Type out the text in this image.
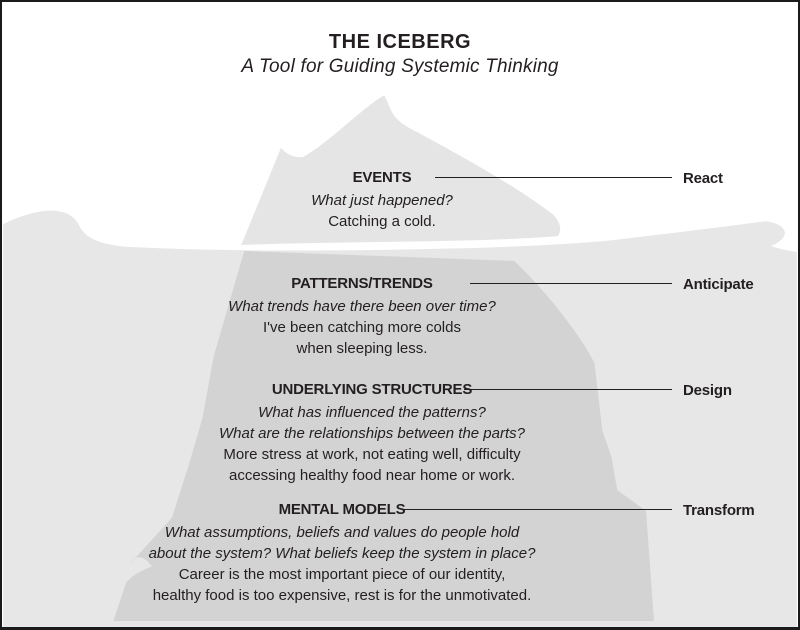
THE ICEBERG
A Tool for Guiding Systemic Thinking
EVENTS
What just happened?
Catching a cold.
React
PATTERNS/TRENDS
What trends have there been over time?
I've been catching more colds
when sleeping less.
Anticipate
UNDERLYING STRUCTURES
What has influenced the patterns?
What are the relationships between the parts?
More stress at work, not eating well, difficulty
accessing healthy food near home or work.
Design
MENTAL MODELS
What assumptions, beliefs and values do people hold
about the system? What beliefs keep the system in place?
Career is the most important piece of our identity,
healthy food is too expensive, rest is for the unmotivated.
Transform
